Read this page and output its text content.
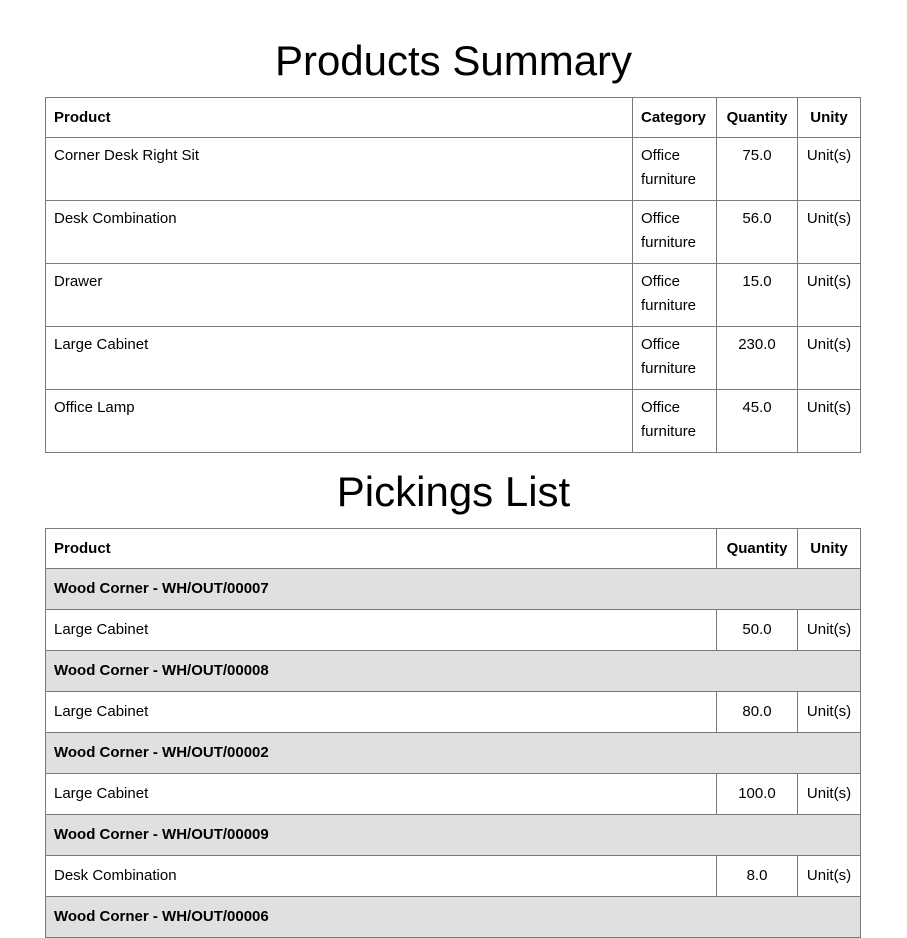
Products Summary
Product	Category	Quantity	Unity
Corner Desk Right Sit	Office furniture	75.0	Unit(s)
Desk Combination	Office furniture	56.0	Unit(s)
Drawer	Office furniture	15.0	Unit(s)
Large Cabinet	Office furniture	230.0	Unit(s)
Office Lamp	Office furniture	45.0	Unit(s)
Pickings List
Product	Quantity	Unity
Wood Corner - WH/OUT/00007		
Large Cabinet	50.0	Unit(s)
Wood Corner - WH/OUT/00008		
Large Cabinet	80.0	Unit(s)
Wood Corner - WH/OUT/00002		
Large Cabinet	100.0	Unit(s)
Wood Corner - WH/OUT/00009		
Desk Combination	8.0	Unit(s)
Wood Corner - WH/OUT/00006		
